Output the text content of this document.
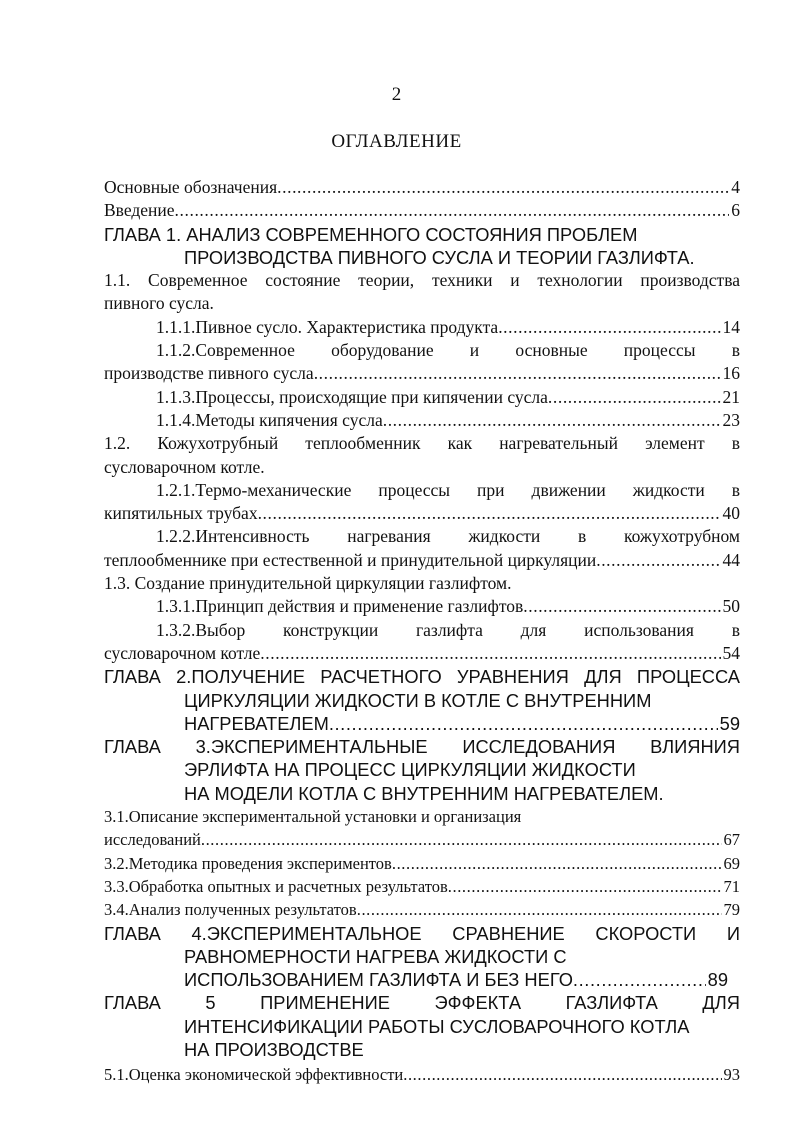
2
ОГЛАВЛЕНИЕ
Основные обозначения .....	4
Введение .....	6
ГЛАВА 1. АНАЛИЗ СОВРЕМЕННОГО СОСТОЯНИЯ ПРОБЛЕМ
ПРОИЗВОДСТВА ПИВНОГО СУСЛА И ТЕОРИИ ГАЗЛИФТА.
1.1. Современное состояние теории, техники и технологии производства
пивного сусла.
1.1.1.Пивное сусло. Характеристика продукта .....	14
1.1.2.Современное оборудование и основные процессы в
производстве пивного сусла .....	16
1.1.3.Процессы, происходящие при кипячении сусла .....	21
1.1.4.Методы кипячения сусла .....	23
1.2. Кожухотрубный теплообменник как нагревательный элемент в
сусловарочном котле.
1.2.1.Термо-механические процессы при движении жидкости в
кипятильных трубах .....	40
1.2.2.Интенсивность нагревания жидкости в кожухотрубном
теплообменнике при естественной и принудительной циркуляции .....	44
1.3. Создание принудительной циркуляции газлифтом.
1.3.1.Принцип действия и применение газлифтов .....	50
1.3.2.Выбор конструкции газлифта для использования в
сусловарочном котле .....	54
ГЛАВА 2.ПОЛУЧЕНИЕ РАСЧЕТНОГО УРАВНЕНИЯ ДЛЯ ПРОЦЕССА
ЦИРКУЛЯЦИИ ЖИДКОСТИ В КОТЛЕ С ВНУТРЕННИМ
НАГРЕВАТЕЛЕМ .....	59
ГЛАВА 3.ЭКСПЕРИМЕНТАЛЬНЫЕ ИССЛЕДОВАНИЯ ВЛИЯНИЯ
ЭРЛИФТА НА ПРОЦЕСС ЦИРКУЛЯЦИИ ЖИДКОСТИ
НА МОДЕЛИ КОТЛА С ВНУТРЕННИМ НАГРЕВАТЕЛЕМ.
3.1.Описание экспериментальной установки и организация
исследований .....	67
3.2.Методика проведения экспериментов .....	69
3.3.Обработка опытных и расчетных результатов .....	71
3.4.Анализ полученных результатов .....	79
ГЛАВА 4.ЭКСПЕРИМЕНТАЛЬНОЕ СРАВНЕНИЕ СКОРОСТИ И
РАВНОМЕРНОСТИ НАГРЕВА ЖИДКОСТИ С
ИСПОЛЬЗОВАНИЕМ ГАЗЛИФТА И БЕЗ НЕГО .....	89
ГЛАВА 5 ПРИМЕНЕНИЕ ЭФФЕКТА ГАЗЛИФТА ДЛЯ
ИНТЕНСИФИКАЦИИ РАБОТЫ СУСЛОВАРОЧНОГО КОТЛА
НА ПРОИЗВОДСТВЕ
5.1.Оценка экономической эффективности .....	93
